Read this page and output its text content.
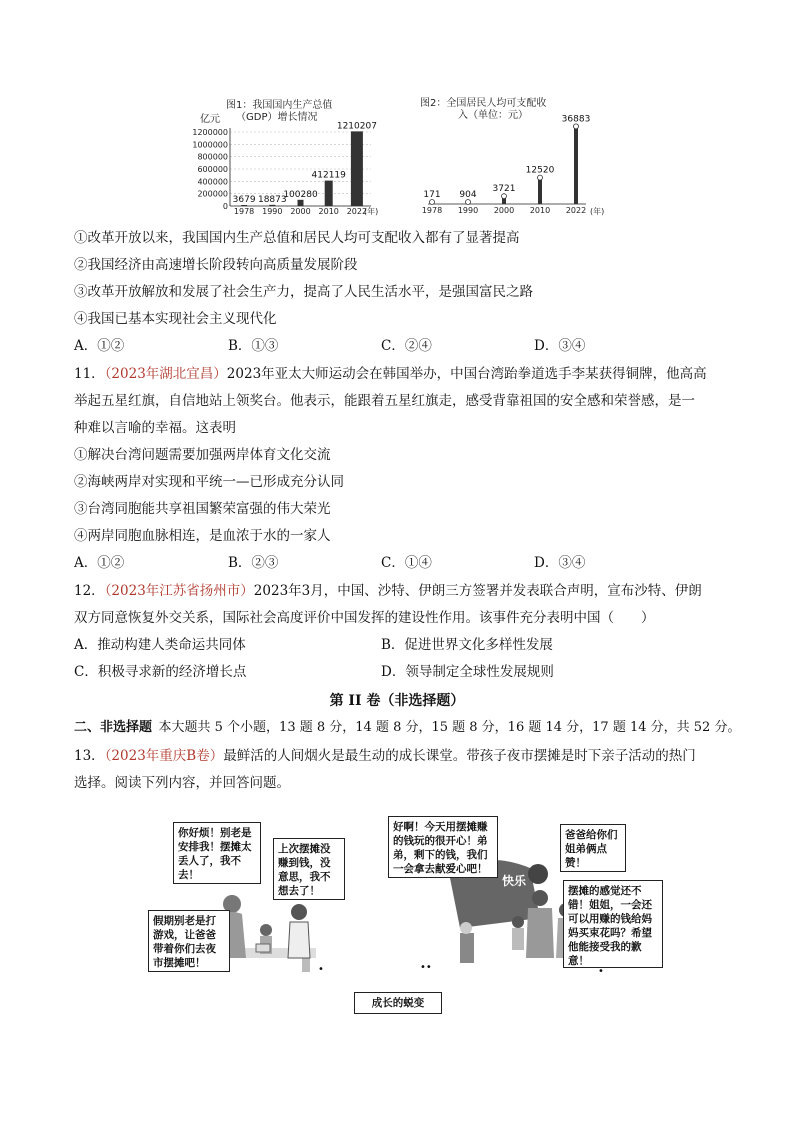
图1：我国国内生产总值
亿元 （GDP）增长情况
1200000
1000000
800000
600000
400000
200000
0
3679
1978
18873
1990
100280
2000
412119
2010
1210207
2022
(年)
图2：全国居民人均可支配收
入（单位：元）
171
1978
904
1990
3721
2000
12520
2010
36883
2022 (年)
①改革开放以来，我国国内生产总值和居民人均可支配收入都有了显著提高
②我国经济由高速增长阶段转向高质量发展阶段
③改革开放解放和发展了社会生产力，提高了人民生活水平，是强国富民之路
④我国已基本实现社会主义现代化
A．①②	B．①③	C．②④	D．③④
11．（2023年湖北宜昌）2023年亚太大师运动会在韩国举办，中国台湾跆拳道选手李某获得铜牌，他高高
举起五星红旗，自信地站上领奖台。他表示，能跟着五星红旗走，感受背靠祖国的安全感和荣誉感，是一
种难以言喻的幸福。这表明
①解决台湾问题需要加强两岸体育文化交流
②海峡两岸对实现和平统一—已形成充分认同
③台湾同胞能共享祖国繁荣富强的伟大荣光
④两岸同胞血脉相连，是血浓于水的一家人
A．①②	B．②③	C．①④	D．③④
12．（2023年江苏省扬州市）2023年3月，中国、沙特、伊朗三方签署并发表联合声明，宣布沙特、伊朗
双方同意恢复外交关系，国际社会高度评价中国发挥的建设性作用。该事件充分表明中国（　　）
A．推动构建人类命运共同体	B．促进世界文化多样性发展
C．积极寻求新的经济增长点	D．领导制定全球性发展规则
第 II 卷（非选择题）
二、非选择题  本大题共 5 个小题，13 题 8 分，14 题 8 分，15 题 8 分，16 题 14 分，17 题 14 分，共 52 分。
13．（2023年重庆B卷）最鲜活的人间烟火是最生动的成长课堂。带孩子夜市摆摊是时下亲子活动的热门
选择。阅读下列内容，并回答问题。
你好烦！别老是安排我！摆摊太丢人了，我不去！
上次摆摊没赚到钱，没意思，我不想去了！
假期别老是打游戏，让爸爸带着你们去夜市摆摊吧！
•
快乐
好啊！今天用摆摊赚的钱玩的很开心！弟弟，剩下的钱，我们一会拿去献爱心吧！
爸爸给你们姐弟俩点赞！
摆摊的感觉还不错！姐姐，一会还可以用赚的钱给妈妈买束花吗？希望他能接受我的歉意！
••	•
成长的蜕变
